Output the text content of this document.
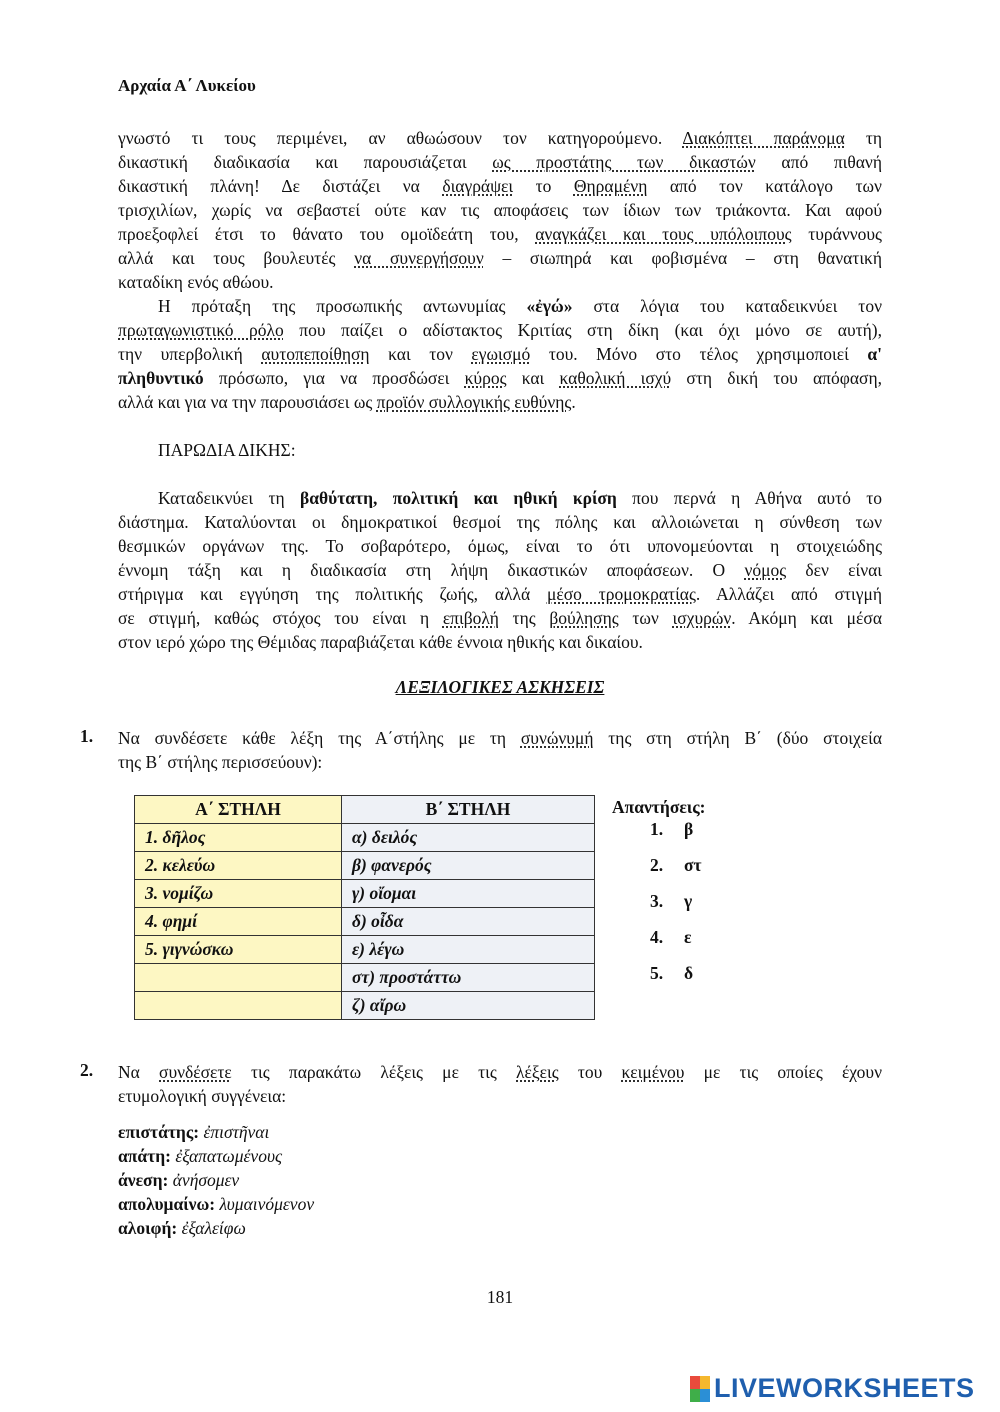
Αρχαία Α΄ Λυκείου
γνωστό τι τους περιμένει, αν αθωώσουν τον κατηγορούμενο. Διακόπτει παράνομα τη
δικαστική διαδικασία και παρουσιάζεται ως προστάτης των δικαστών από πιθανή
δικαστική πλάνη! Δε διστάζει να διαγράψει το Θηραμένη από τον κατάλογο των
τρισχιλίων, χωρίς να σεβαστεί ούτε καν τις αποφάσεις των ίδιων των τριάκοντα. Και αφού
προεξοφλεί έτσι το θάνατο του ομοϊδεάτη του, αναγκάζει και τους υπόλοιπους τυράννους
αλλά και τους βουλευτές να συνεργήσουν – σιωπηρά και φοβισμένα – στη θανατική
καταδίκη ενός αθώου.
Η πρόταξη της προσωπικής αντωνυμίας «ἐγώ» στα λόγια του καταδεικνύει τον
πρωταγωνιστικό ρόλο που παίζει ο αδίστακτος Κριτίας στη δίκη (και όχι μόνο σε αυτή),
την υπερβολική αυτοπεποίθηση και τον εγωισμό του. Μόνο στο τέλος χρησιμοποιεί α'
πληθυντικό πρόσωπο, για να προσδώσει κύρος και καθολική ισχύ στη δική του απόφαση,
αλλά και για να την παρουσιάσει ως προϊόν συλλογικής ευθύνης.
ΠΑΡΩΔΙΑ ΔΙΚΗΣ:
Καταδεικνύει τη βαθύτατη, πολιτική και ηθική κρίση που περνά η Αθήνα αυτό το
διάστημα. Καταλύονται οι δημοκρατικοί θεσμοί της πόλης και αλλοιώνεται η σύνθεση των
θεσμικών οργάνων της. Το σοβαρότερο, όμως, είναι το ότι υπονομεύονται η στοιχειώδης
έννομη τάξη και η διαδικασία στη λήψη δικαστικών αποφάσεων. Ο νόμος δεν είναι
στήριγμα και εγγύηση της πολιτικής ζωής, αλλά μέσο τρομοκρατίας. Αλλάζει από στιγμή
σε στιγμή, καθώς στόχος του είναι η επιβολή της βούλησης των ισχυρών. Ακόμη και μέσα
στον ιερό χώρο της Θέμιδας παραβιάζεται κάθε έννοια ηθικής και δικαίου.
ΛΕΞΙΛΟΓΙΚΕΣ ΑΣΚΗΣΕΙΣ
1. Να συνδέσετε κάθε λέξη της Α΄στήλης με τη συνώνυμή της στη στήλη Β΄ (δύο στοιχεία
της Β΄ στήλης περισσεύουν):
Α΄ ΣΤΗΛΗ	Β΄ ΣΤΗΛΗ
1. δῆλος	α) δειλός
2. κελεύω	β) φανερός
3. νομίζω	γ) οἴομαι
4. φημί	δ) οἶδα
5. γιγνώσκω	ε) λέγω
	στ) προστάττω
	ζ) αἴρω
Απαντήσεις:
1. β
2. στ
3. γ
4. ε
5. δ
2. Να συνδέσετε τις παρακάτω λέξεις με τις λέξεις του κειμένου με τις οποίες έχουν
ετυμολογική συγγένεια:
επιστάτης: ἐπιστῆναι
απάτη: ἐξαπατωμένους
άνεση: ἀνήσομεν
απολυμαίνω: λυμαινόμενον
αλοιφή: ἐξαλείφω
181
LIVEWORKSHEETS
